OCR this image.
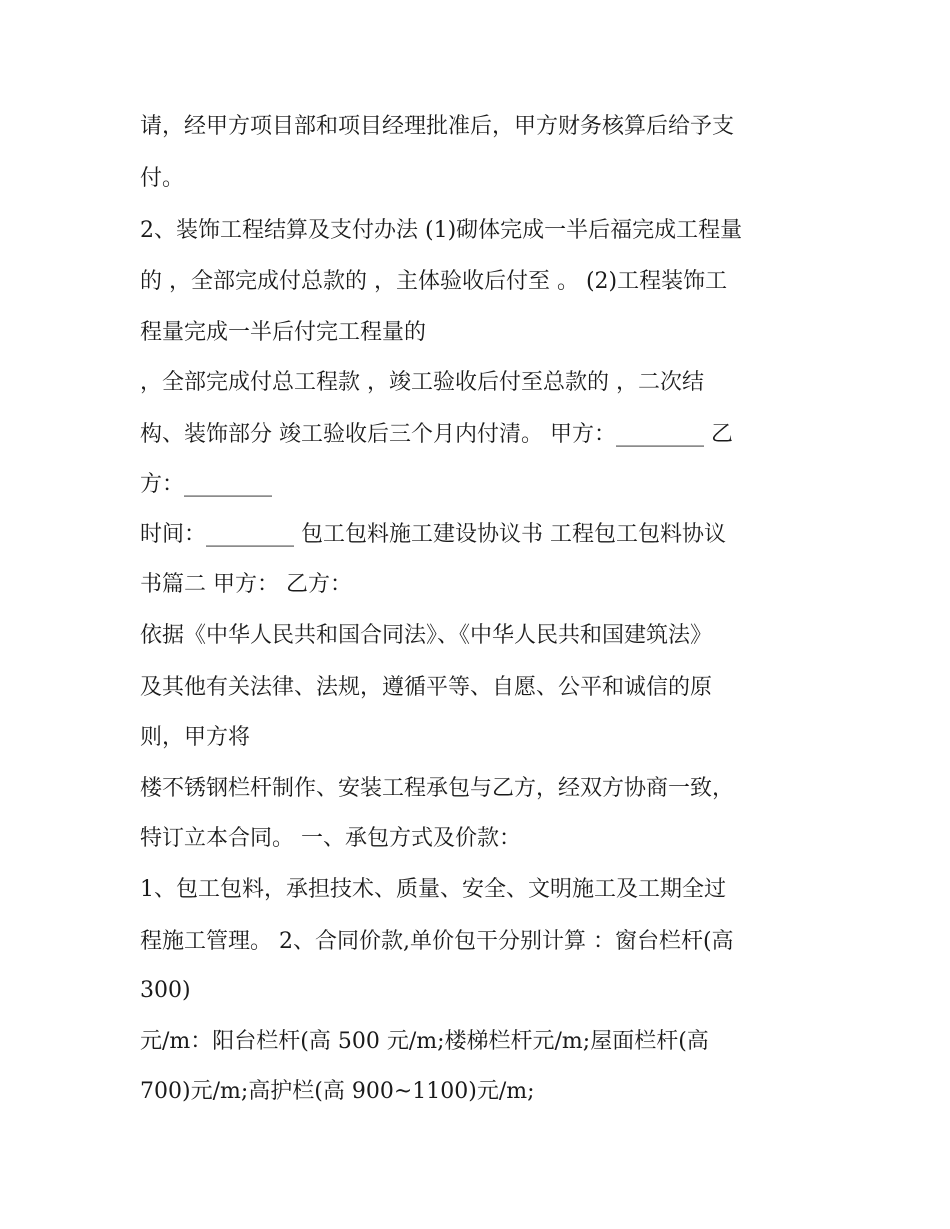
请，经甲方项目部和项目经理批准后，甲方财务核算后给予支
付。
2、装饰工程结算及支付办法 (1)砌体完成一半后福完成工程量
的 ，全部完成付总款的 ，主体验收后付至 。 (2)工程装饰工
程量完成一半后付完工程量的
，全部完成付总工程款 ，竣工验收后付至总款的 ，二次结
构、装饰部分 竣工验收后三个月内付清。 甲方：________ 乙
方：________
时间：________ 包工包料施工建设协议书 工程包工包料协议
书篇二 甲方： 乙方：
依据《中华人民共和国合同法》、《中华人民共和国建筑法》
及其他有关法律、法规，遵循平等、自愿、公平和诚信的原
则，甲方将
楼不锈钢栏杆制作、安装工程承包与乙方，经双方协商一致，
特订立本合同。 一、承包方式及价款：
1、包工包料，承担技术、质量、安全、文明施工及工期全过
程施工管理。 2、合同价款,单价包干分别计算 ：窗台栏杆(高
300)
元/m：阳台栏杆(高 500 元/m;楼梯栏杆元/m;屋面栏杆(高
700)元/m;高护栏(高 900~1100)元/m;
